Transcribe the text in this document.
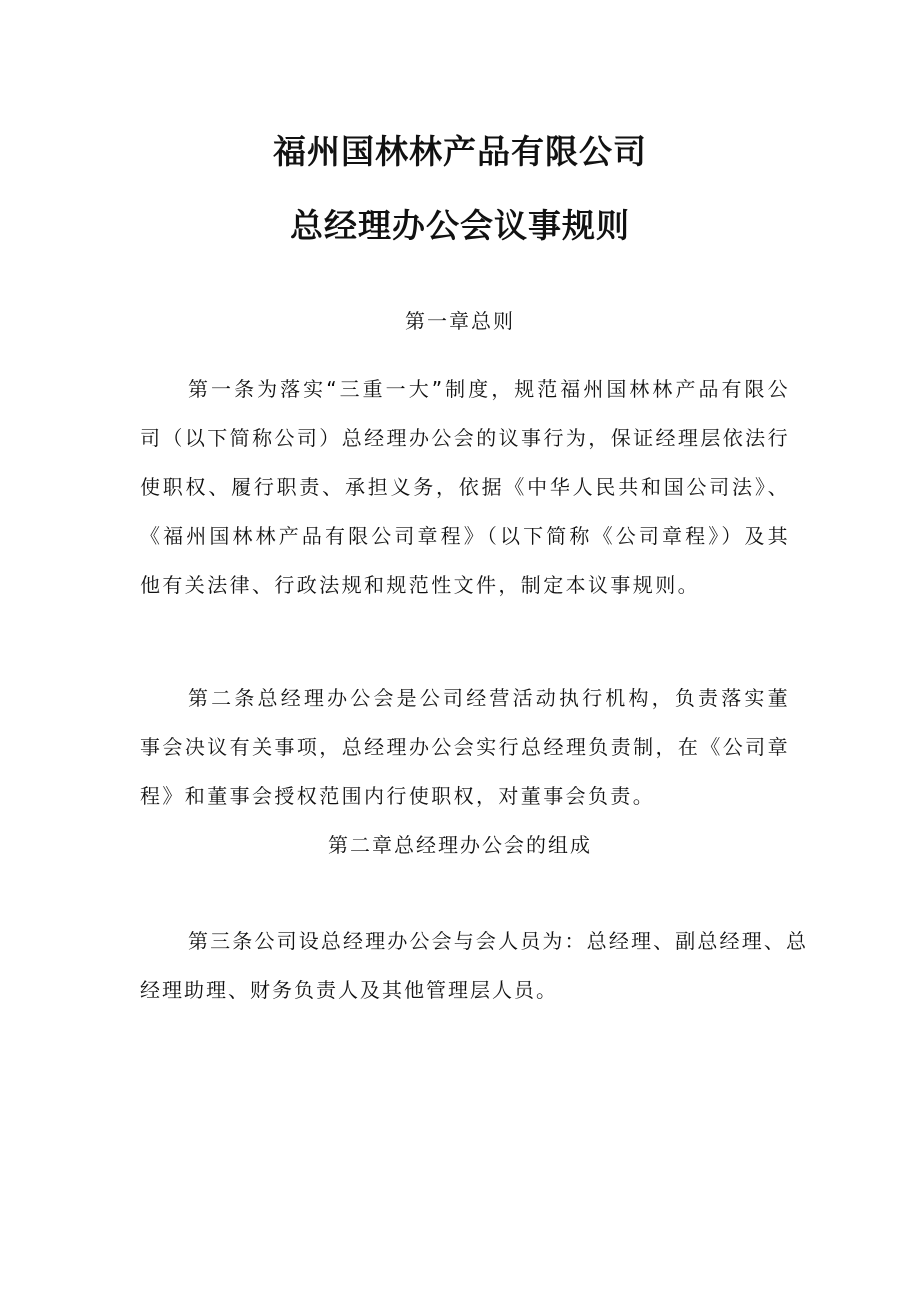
福州国林林产品有限公司
总经理办公会议事规则
第一章总则

第一条为落实“三重一大”制度，规范福州国林林产品有限公司（以下简称公司）总经理办公会的议事行为，保证经理层依法行使职权、履行职责、承担义务，依据《中华人民共和国公司法》、《福州国林林产品有限公司章程》（以下简称《公司章程》）及其他有关法律、行政法规和规范性文件，制定本议事规则。

第二条总经理办公会是公司经营活动执行机构，负责落实董事会决议有关事项，总经理办公会实行总经理负责制，在《公司章程》和董事会授权范围内行使职权，对董事会负责。

第二章总经理办公会的组成

第三条公司设总经理办公会与会人员为：总经理、副总经理、总经理助理、财务负责人及其他管理层人员。
